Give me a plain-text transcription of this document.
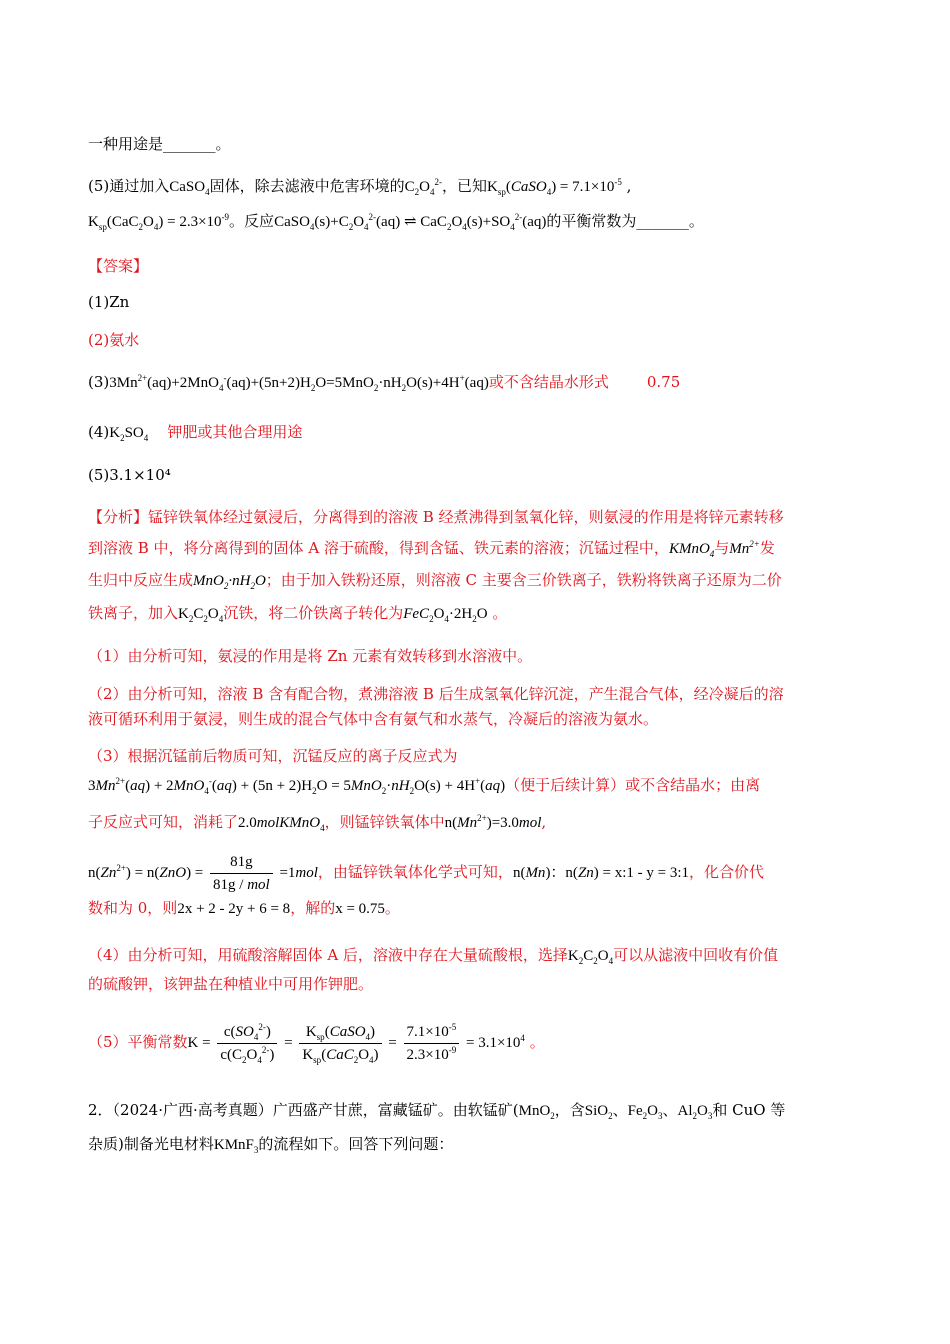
一种用途是_______。
(5)通过加入CaSO$_4$固体，除去滤液中危害环境的$C_2O_4^{2-}$，已知$K_{sp}(CaSO_4) = 7.1\times 10^{-5}$ ,
$K_{sp}(CaC_2O_4) = 2.3\times 10^{-9}$。反应$CaSO_4(s)+C_2O_4^{2-}(aq)$ ⇌ $CaC_2O_4(s)+SO_4^{2-}(aq)$的平衡常数为_______。
【答案】
(1)Zn
(2)氨水
$(3)3Mn^{2+}(aq)+2MnO_4^-(aq)+(5n+2)H_2O=5MnO_2\cdot nH_2O(s)+4H^+(aq)$或不含结晶水形式	0.75
$(4)K_2SO_4$ 钾肥或其他合理用途
(5)3.1×10⁴
【分析】锰锌铁氧体经过氨浸后，分离得到的溶液 B 经煮沸得到氢氧化锌，则氨浸的作用是将锌元素转移
到溶液 B 中，将分离得到的固体 A 溶于硫酸，得到含锰、铁元素的溶液；沉锰过程中，KMnO$_4$与$Mn^{2+}$发
生归中反应生成$MnO_2\cdot nH_2O$；由于加入铁粉还原，则溶液 C 主要含三价铁离子，铁粉将铁离子还原为二价
铁离子，加入$K_2C_2O_4$沉铁，将二价铁离子转化为$FeC_2O_4\cdot 2H_2O$ 。
（1）由分析可知，氨浸的作用是将 Zn 元素有效转移到水溶液中。
（2）由分析可知，溶液 B 含有配合物，煮沸溶液 B 后生成氢氧化锌沉淀，产生混合气体，经冷凝后的溶
液可循环利用于氨浸，则生成的混合气体中含有氨气和水蒸气，冷凝后的溶液为氨水。
（3）根据沉锰前后物质可知，沉锰反应的离子反应式为
$3Mn^{2+}(aq) + 2MnO_4^-(aq) + (5n + 2)H_2O = 5MnO_2\cdot nH_2O(s) + 4H^+(aq)$（便于后续计算）或不含结晶水；由离
子反应式可知，消耗了2.0molKMnO$_4$，则锰锌铁氧体中$n(Mn^{2+})=3.0mol$,
$n(Zn^{2+}) = n(ZnO) = \frac{81g}{\text{81g / mol}} =1mol$，由锰锌铁氧体化学式可知，n(Mn)：n(Zn) = x:1 - y = 3:1，化合价代
数和为 0，则2x + 2 - 2y + 6 = 8，解的x = 0.75。
（4）由分析可知，用硫酸溶解固体 A 后，溶液中存在大量硫酸根，选择$K_2C_2O_4$可以从滤液中回收有价值
的硫酸钾，该钾盐在种植业中可用作钾肥。
（5）平衡常数$K = \frac{c(SO_4^{2-})}{c(C_2O_4^{2-})} = \frac{K_{sp}(CaSO_4)}{K_{sp}(CaC_2O_4)} = \frac{7.1\times 10^{-5}}{2.3\times 10^{-9}} = 3.1\times 10^4$ 。
2．（2024·广西·高考真题）广西盛产甘蔗，富藏锰矿。由软锰矿(MnO$_2$，含SiO$_2$、$Fe_2O_3$、$Al_2O_3$和 CuO 等
杂质)制备光电材料KMnF$_3$的流程如下。回答下列问题：
